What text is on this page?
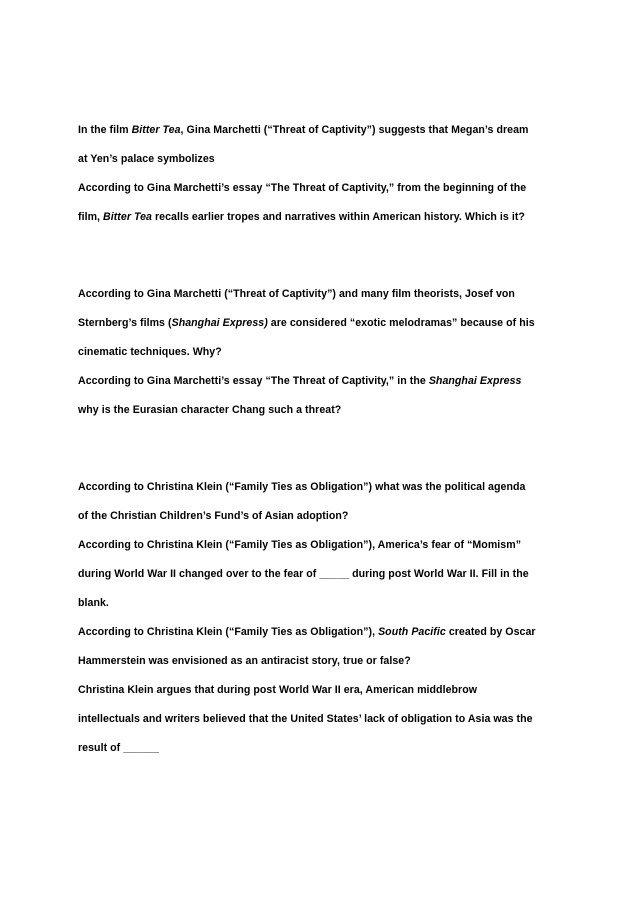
In the film Bitter Tea, Gina Marchetti (“Threat of Captivity”) suggests that Megan’s dream
at Yen’s palace symbolizes

According to Gina Marchetti’s essay “The Threat of Captivity,” from the beginning of the
film, Bitter Tea recalls earlier tropes and narratives within American history. Which is it?

According to Gina Marchetti (“Threat of Captivity”) and many film theorists, Josef von
Sternberg’s films (Shanghai Express) are considered “exotic melodramas” because of his
cinematic techniques. Why?

According to Gina Marchetti’s essay “The Threat of Captivity,” in the Shanghai Express
why is the Eurasian character Chang such a threat?

According to Christina Klein (“Family Ties as Obligation”) what was the political agenda
of the Christian Children’s Fund’s of Asian adoption?

According to Christina Klein (“Family Ties as Obligation”), America’s fear of “Momism”
during World War II changed over to the fear of _____ during post World War II. Fill in the
blank.

According to Christina Klein (“Family Ties as Obligation”), South Pacific created by Oscar
Hammerstein was envisioned as an antiracist story, true or false?

Christina Klein argues that during post World War II era, American middlebrow
intellectuals and writers believed that the United States’ lack of obligation to Asia was the
result of ______
